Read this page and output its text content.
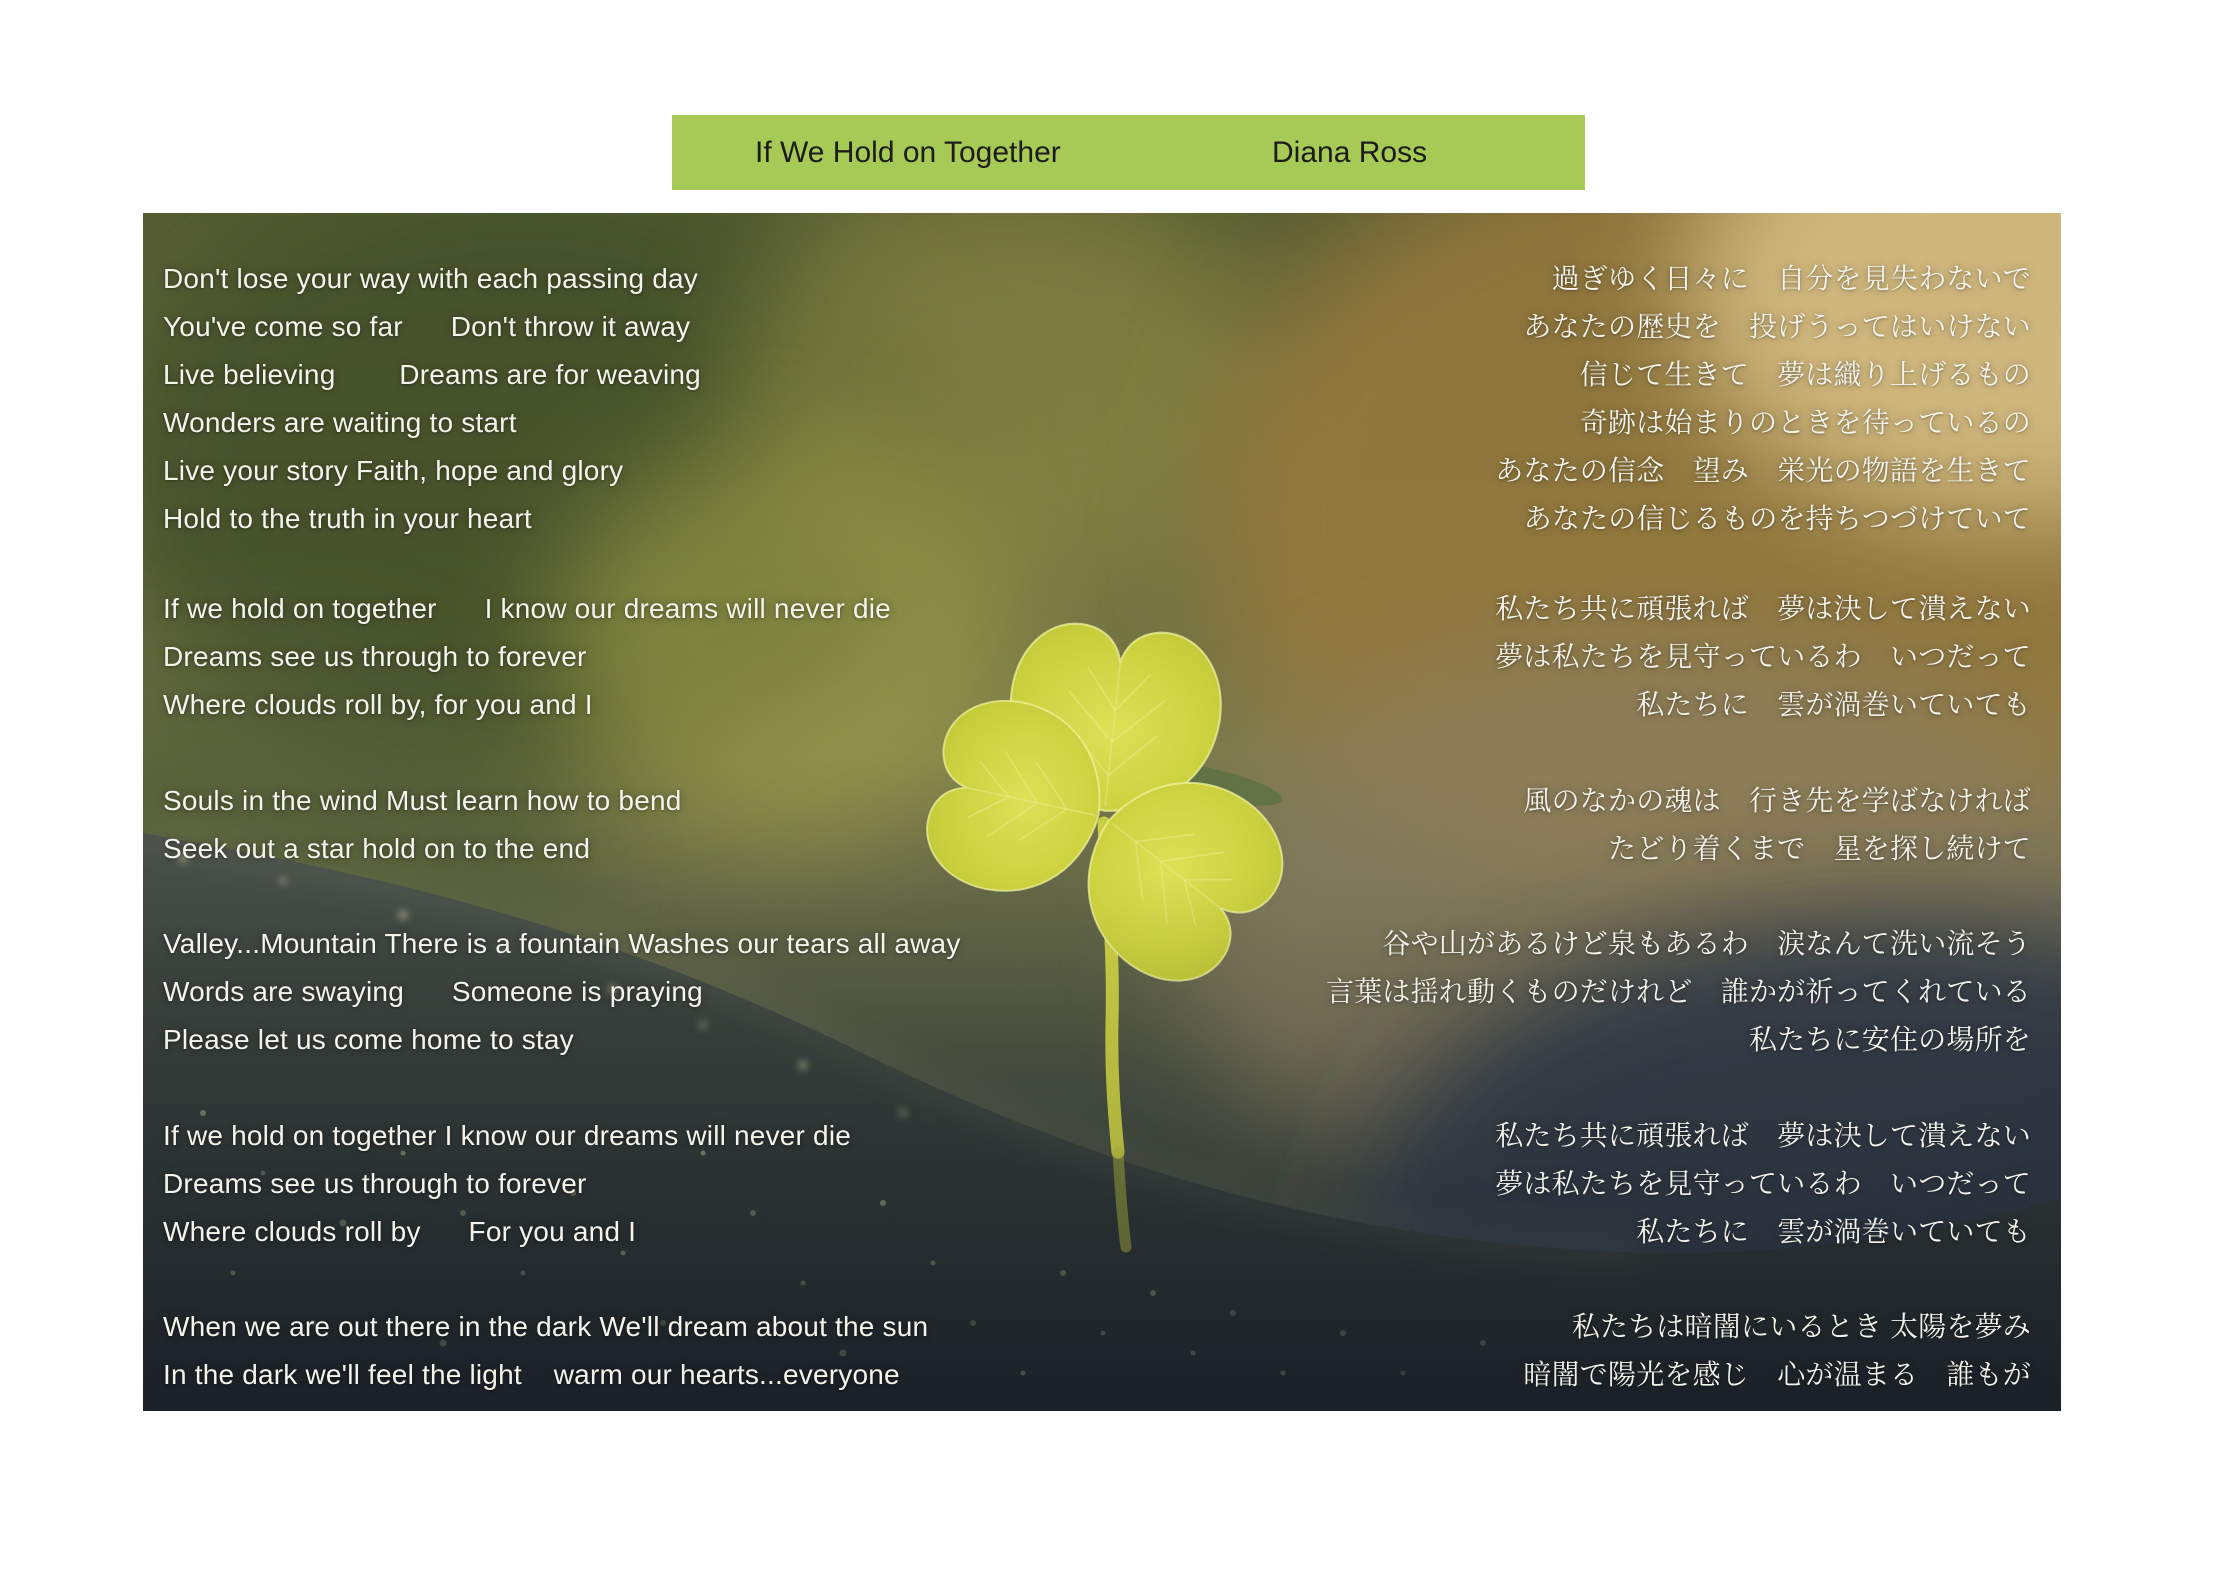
If We Hold on Together	Diana Ross
Don't lose your way with each passing day
You've come so far      Don't throw it away
Live believing        Dreams are for weaving
Wonders are waiting to start
Live your story Faith, hope and glory
Hold to the truth in your heart
過ぎゆく日々に　自分を見失わないで
あなたの歴史を　投げうってはいけない
信じて生きて　夢は織り上げるもの
奇跡は始まりのときを待っているの
あなたの信念　望み　栄光の物語を生きて
あなたの信じるものを持ちつづけていて
If we hold on together      I know our dreams will never die
Dreams see us through to forever
Where clouds roll by, for you and I
私たち共に頑張れば　夢は決して潰えない
夢は私たちを見守っているわ　いつだって
私たちに　雲が渦巻いていても
Souls in the wind Must learn how to bend
Seek out a star hold on to the end
風のなかの魂は　行き先を学ばなければ
たどり着くまで　星を探し続けて
Valley...Mountain There is a fountain Washes our tears all away
Words are swaying      Someone is praying
Please let us come home to stay
谷や山があるけど泉もあるわ　涙なんて洗い流そう
言葉は揺れ動くものだけれど　誰かが祈ってくれている
私たちに安住の場所を
If we hold on together I know our dreams will never die
Dreams see us through to forever
Where clouds roll by      For you and I
私たち共に頑張れば　夢は決して潰えない
夢は私たちを見守っているわ　いつだって
私たちに　雲が渦巻いていても
When we are out there in the dark We'll dream about the sun
In the dark we'll feel the light    warm our hearts...everyone
私たちは暗闇にいるとき 太陽を夢み
暗闇で陽光を感じ　心が温まる　誰もが
